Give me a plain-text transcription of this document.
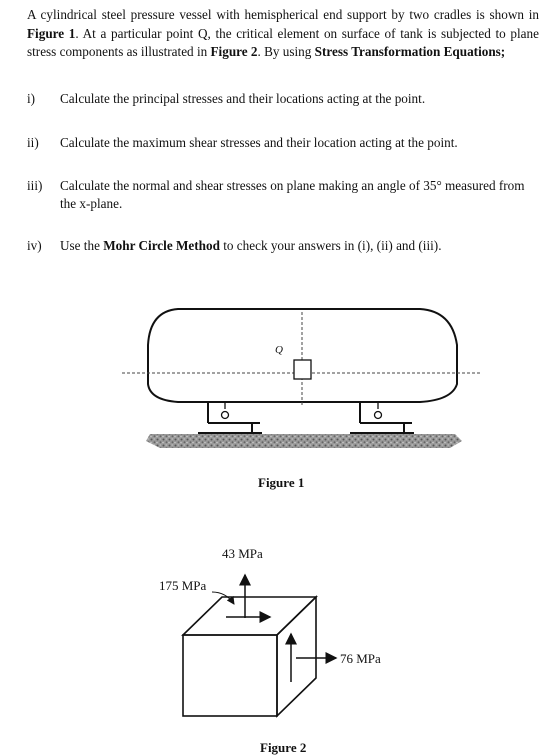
A cylindrical steel pressure vessel with hemispherical end support by two cradles is shown in Figure 1. At a particular point Q, the critical element on surface of tank is subjected to plane stress components as illustrated in Figure 2. By using Stress Transformation Equations;
i) Calculate the principal stresses and their locations acting at the point.
ii) Calculate the maximum shear stresses and their location acting at the point.
iii) Calculate the normal and shear stresses on plane making an angle of 35° measured from the x-plane.
iv) Use the Mohr Circle Method to check your answers in (i), (ii) and (iii).
Q
Figure 1
43 MPa
175 MPa
76 MPa
Figure 2
